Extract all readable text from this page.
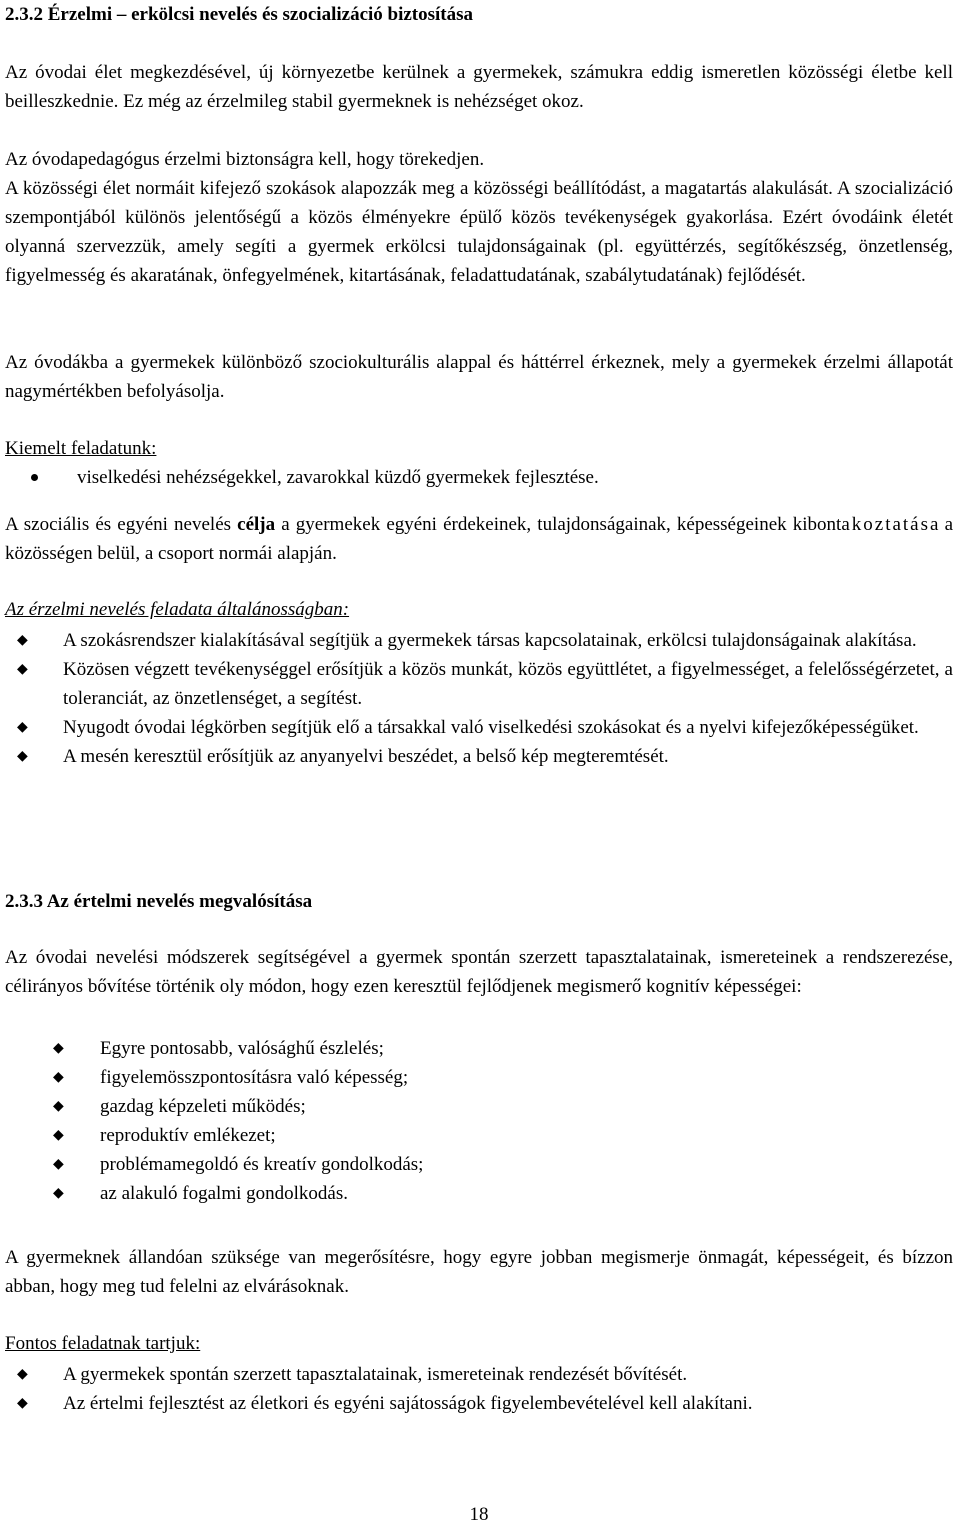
2.3.2 Érzelmi – erkölcsi nevelés és szocializáció biztosítása
Az óvodai élet megkezdésével, új környezetbe kerülnek a gyermekek, számukra eddig ismeretlen közösségi életbe kell beilleszkednie. Ez még az érzelmileg stabil gyermeknek is nehézséget okoz.
Az óvodapedagógus érzelmi biztonságra kell, hogy törekedjen.
A közösségi élet normáit kifejező szokások alapozzák meg a közösségi beállítódást, a magatartás alakulását. A szocializáció szempontjából különös jelentőségű a közös élményekre épülő közös tevékenységek gyakorlása. Ezért óvodáink életét olyanná szervezzük, amely segíti a gyermek erkölcsi tulajdonságainak (pl. együttérzés, segítőkészség, önzetlenség, figyelmesség és akaratának, önfegyelmének, kitartásának, feladattudatának, szabálytudatának) fejlődését.
Az óvodákba a gyermekek különböző szociokulturális alappal és háttérrel érkeznek, mely a gyermekek érzelmi állapotát nagymértékben befolyásolja.
Kiemelt feladatunk:
viselkedési nehézségekkel, zavarokkal küzdő gyermekek fejlesztése.
A szociális és egyéni nevelés célja a gyermekek egyéni érdekeinek, tulajdonságainak, képességeinek kibontakoztatása a közösségen belül, a csoport normái alapján.
Az érzelmi nevelés feladata általánosságban:
◆ A szokásrendszer kialakításával segítjük a gyermekek társas kapcsolatainak, erkölcsi tulajdonságainak alakítása.
◆ Közösen végzett tevékenységgel erősítjük a közös munkát, közös együttlétet, a figyelmességet, a felelősségérzetet, a toleranciát, az önzetlenséget, a segítést.
◆ Nyugodt óvodai légkörben segítjük elő a társakkal való viselkedési szokásokat és a nyelvi kifejezőképességüket.
◆ A mesén keresztül erősítjük az anyanyelvi beszédet, a belső kép megteremtését.
2.3.3 Az értelmi nevelés megvalósítása
Az óvodai nevelési módszerek segítségével a gyermek spontán szerzett tapasztalatainak, ismereteinek a rendszerezése, célirányos bővítése történik oly módon, hogy ezen keresztül fejlődjenek megismerő kognitív képességei:
◆ Egyre pontosabb, valósághű észlelés;
◆ figyelemösszpontosításra való képesség;
◆ gazdag képzeleti működés;
◆ reproduktív emlékezet;
◆ problémamegoldó és kreatív gondolkodás;
◆ az alakuló fogalmi gondolkodás.
A gyermeknek állandóan szüksége van megerősítésre, hogy egyre jobban megismerje önmagát, képességeit, és bízzon abban, hogy meg tud felelni az elvárásoknak.
Fontos feladatnak tartjuk:
◆ A gyermekek spontán szerzett tapasztalatainak, ismereteinak rendezését bővítését.
◆ Az értelmi fejlesztést az életkori és egyéni sajátosságok figyelembevételével kell alakítani.
18
